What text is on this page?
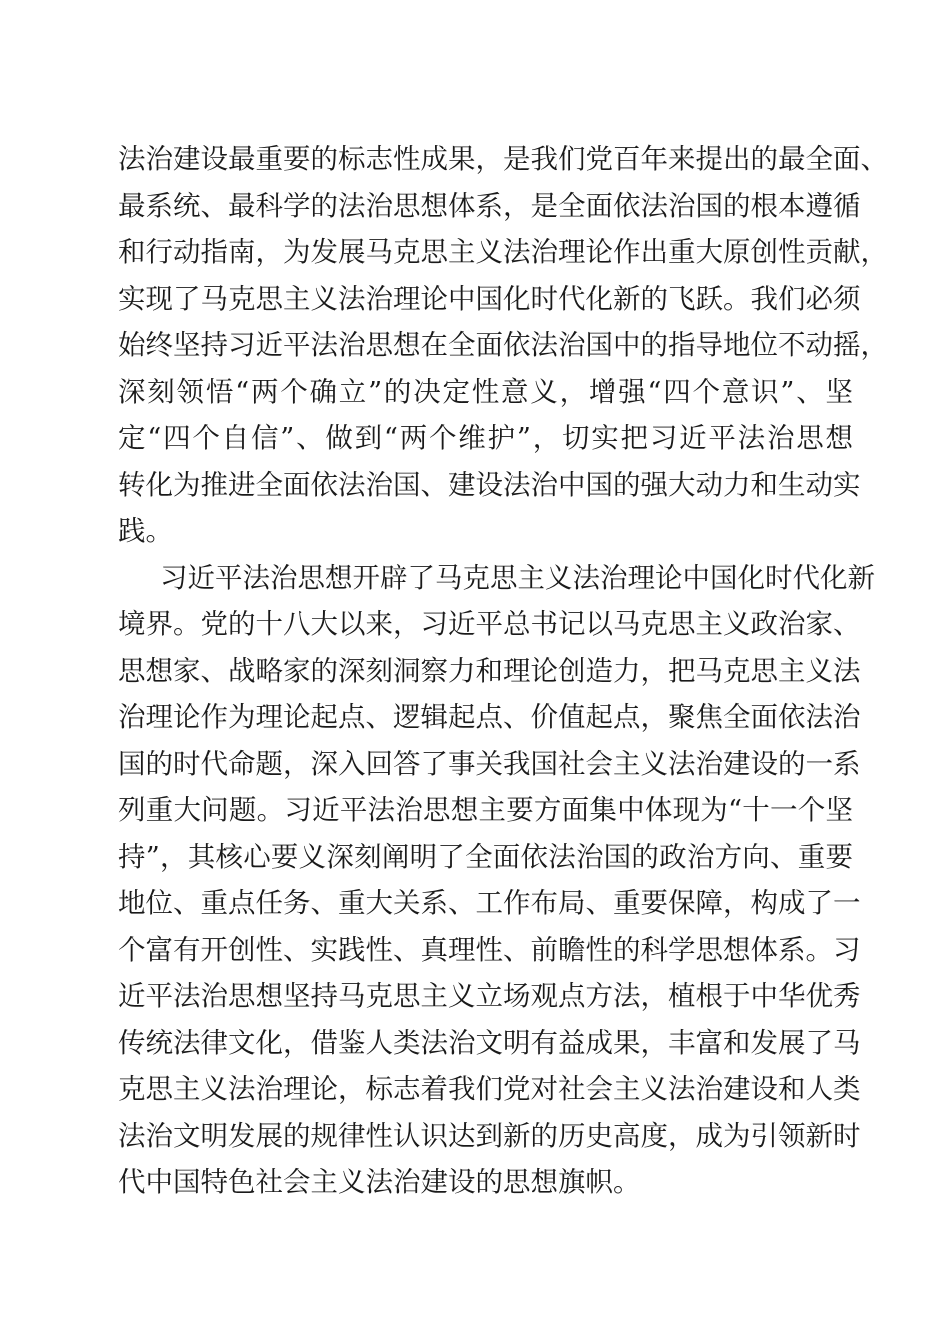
法治建设最重要的标志性成果，是我们党百年来提出的最全面、
最系统、最科学的法治思想体系，是全面依法治国的根本遵循
和行动指南，为发展马克思主义法治理论作出重大原创性贡献，
实现了马克思主义法治理论中国化时代化新的飞跃。我们必须
始终坚持习近平法治思想在全面依法治国中的指导地位不动摇，
深刻领悟“两个确立”的决定性意义，增强“四个意识”、坚
定“四个自信”、做到“两个维护”，切实把习近平法治思想
转化为推进全面依法治国、建设法治中国的强大动力和生动实
践。
习近平法治思想开辟了马克思主义法治理论中国化时代化新
境界。党的十八大以来，习近平总书记以马克思主义政治家、
思想家、战略家的深刻洞察力和理论创造力，把马克思主义法
治理论作为理论起点、逻辑起点、价值起点，聚焦全面依法治
国的时代命题，深入回答了事关我国社会主义法治建设的一系
列重大问题。习近平法治思想主要方面集中体现为“十一个坚
持”，其核心要义深刻阐明了全面依法治国的政治方向、重要
地位、重点任务、重大关系、工作布局、重要保障，构成了一
个富有开创性、实践性、真理性、前瞻性的科学思想体系。习
近平法治思想坚持马克思主义立场观点方法，植根于中华优秀
传统法律文化，借鉴人类法治文明有益成果，丰富和发展了马
克思主义法治理论，标志着我们党对社会主义法治建设和人类
法治文明发展的规律性认识达到新的历史高度，成为引领新时
代中国特色社会主义法治建设的思想旗帜。
